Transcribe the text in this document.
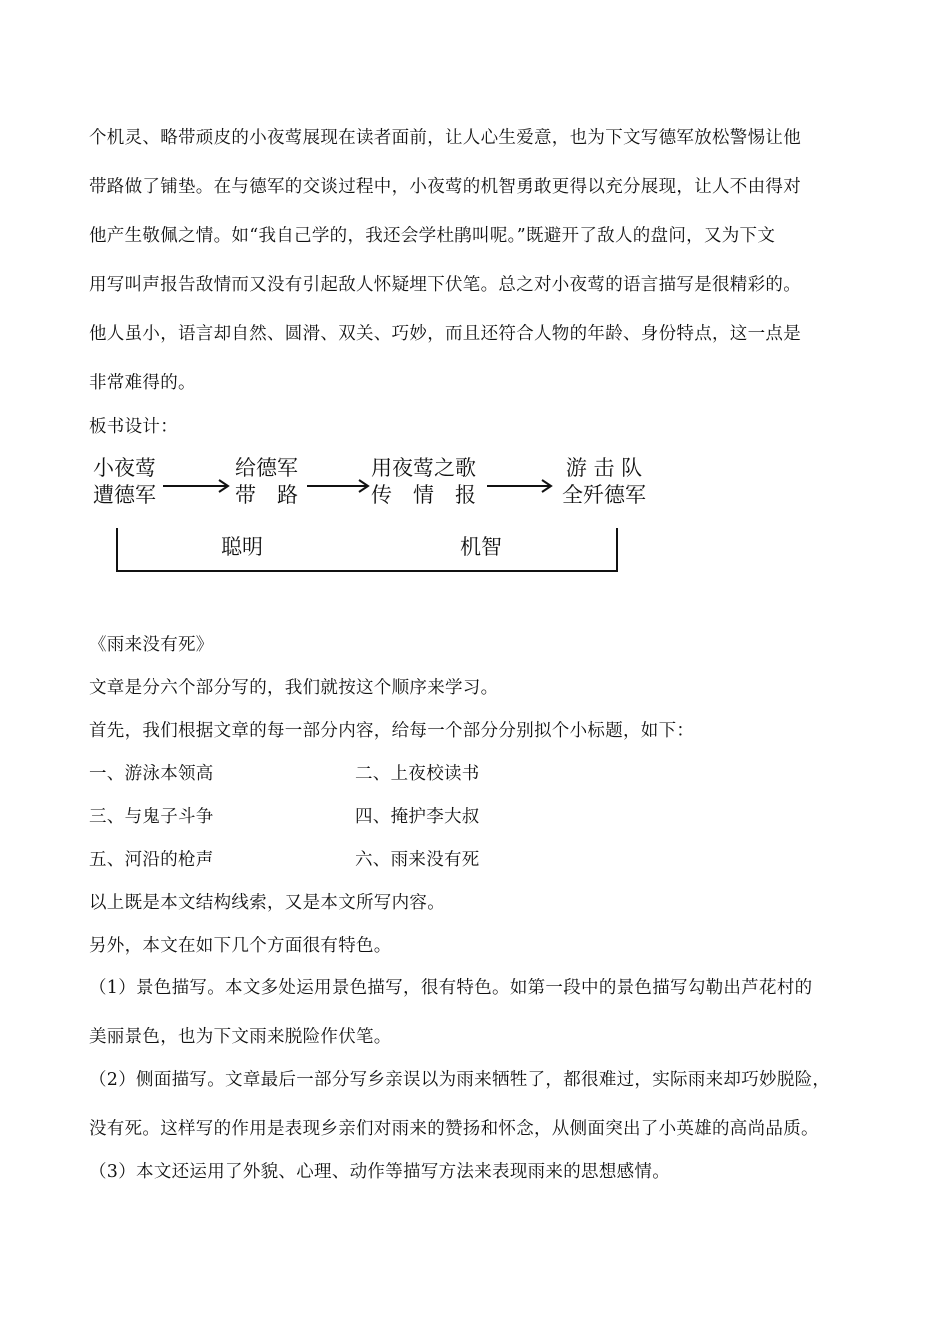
个机灵、略带顽皮的小夜莺展现在读者面前，让人心生爱意，也为下文写德军放松警惕让他
带路做了铺垫。在与德军的交谈过程中，小夜莺的机智勇敢更得以充分展现，让人不由得对
他产生敬佩之情。如“我自己学的，我还会学杜鹃叫呢。”既避开了敌人的盘问，又为下文
用写叫声报告敌情而又没有引起敌人怀疑埋下伏笔。总之对小夜莺的语言描写是很精彩的。
他人虽小，语言却自然、圆滑、双关、巧妙，而且还符合人物的年龄、身份特点，这一点是
非常难得的。
板书设计：
小夜莺
遭德军
给德军
带　路
用夜莺之歌
传　情　报
游 击 队
全歼德军
聪明	机智
《雨来没有死》
文章是分六个部分写的，我们就按这个顺序来学习。
首先，我们根据文章的每一部分内容，给每一个部分分别拟个小标题，如下：
一、游泳本领高	二、上夜校读书
三、与鬼子斗争	四、掩护李大叔
五、河沿的枪声	六、雨来没有死
以上既是本文结构线索，又是本文所写内容。
另外，本文在如下几个方面很有特色。
（1）景色描写。本文多处运用景色描写，很有特色。如第一段中的景色描写勾勒出芦花村的
美丽景色，也为下文雨来脱险作伏笔。
（2）侧面描写。文章最后一部分写乡亲误以为雨来牺牲了，都很难过，实际雨来却巧妙脱险，
没有死。这样写的作用是表现乡亲们对雨来的赞扬和怀念，从侧面突出了小英雄的高尚品质。
（3）本文还运用了外貌、心理、动作等描写方法来表现雨来的思想感情。
